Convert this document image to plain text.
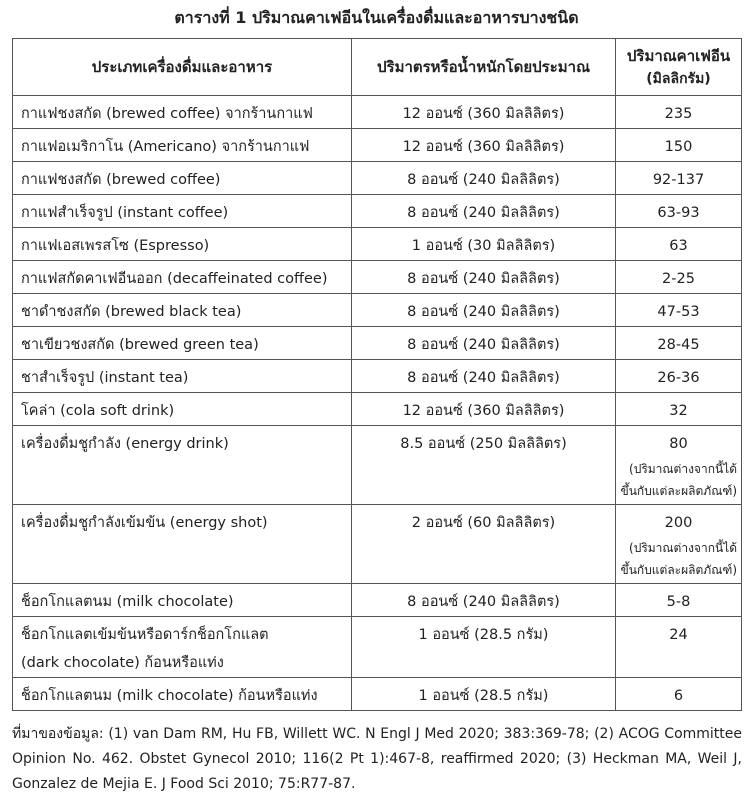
ตารางที่ 1 ปริมาณคาเฟอีนในเครื่องดื่มและอาหารบางชนิด
ประเภทเครื่องดื่มและอาหาร	ปริมาตรหรือน้ำหนักโดยประมาณ	ปริมาณคาเฟอีน
(มิลลิกรัม)

กาแฟชงสกัด (brewed coffee) จากร้านกาแฟ	12 ออนซ์ (360 มิลลิลิตร)	235
กาแฟอเมริกาโน (Americano) จากร้านกาแฟ	12 ออนซ์ (360 มิลลิลิตร)	150
กาแฟชงสกัด (brewed coffee)	8 ออนซ์ (240 มิลลิลิตร)	92-137
กาแฟสำเร็จรูป (instant coffee)	8 ออนซ์ (240 มิลลิลิตร)	63-93
กาแฟเอสเพรสโซ (Espresso)	1 ออนซ์ (30 มิลลิลิตร)	63
กาแฟสกัดคาเฟอีนออก (decaffeinated coffee)	8 ออนซ์ (240 มิลลิลิตร)	2-25
ชาดำชงสกัด (brewed black tea)	8 ออนซ์ (240 มิลลิลิตร)	47-53
ชาเขียวชงสกัด (brewed green tea)	8 ออนซ์ (240 มิลลิลิตร)	28-45
ชาสำเร็จรูป (instant tea)	8 ออนซ์ (240 มิลลิลิตร)	26-36
โคล่า (cola soft drink)	12 ออนซ์ (360 มิลลิลิตร)	32
เครื่องดื่มชูกำลัง (energy drink)	8.5 ออนซ์ (250 มิลลิลิตร)	80
(ปริมาณต่างจากนี้ได้ขึ้นกับแต่ละผลิตภัณฑ์)

เครื่องดื่มชูกำลังเข้มข้น (energy shot)	2 ออนซ์ (60 มิลลิลิตร)	200
(ปริมาณต่างจากนี้ได้ขึ้นกับแต่ละผลิตภัณฑ์)

ช็อกโกแลตนม (milk chocolate)	8 ออนซ์ (240 มิลลิลิตร)	5-8
ช็อกโกแลตเข้มข้นหรือดาร์กช็อกโกแลต
(dark chocolate) ก้อนหรือแท่ง	1 ออนซ์ (28.5 กรัม)	24
ช็อกโกแลตนม (milk chocolate) ก้อนหรือแท่ง	1 ออนซ์ (28.5 กรัม)	6
ที่มาของข้อมูล: (1) van Dam RM, Hu FB, Willett WC. N Engl J Med 2020; 383:369-78; (2) ACOG Committee Opinion No. 462. Obstet Gynecol 2010; 116(2 Pt 1):467-8, reaffirmed 2020; (3) Heckman MA, Weil J, Gonzalez de Mejia E. J Food Sci 2010; 75:R77-87.
